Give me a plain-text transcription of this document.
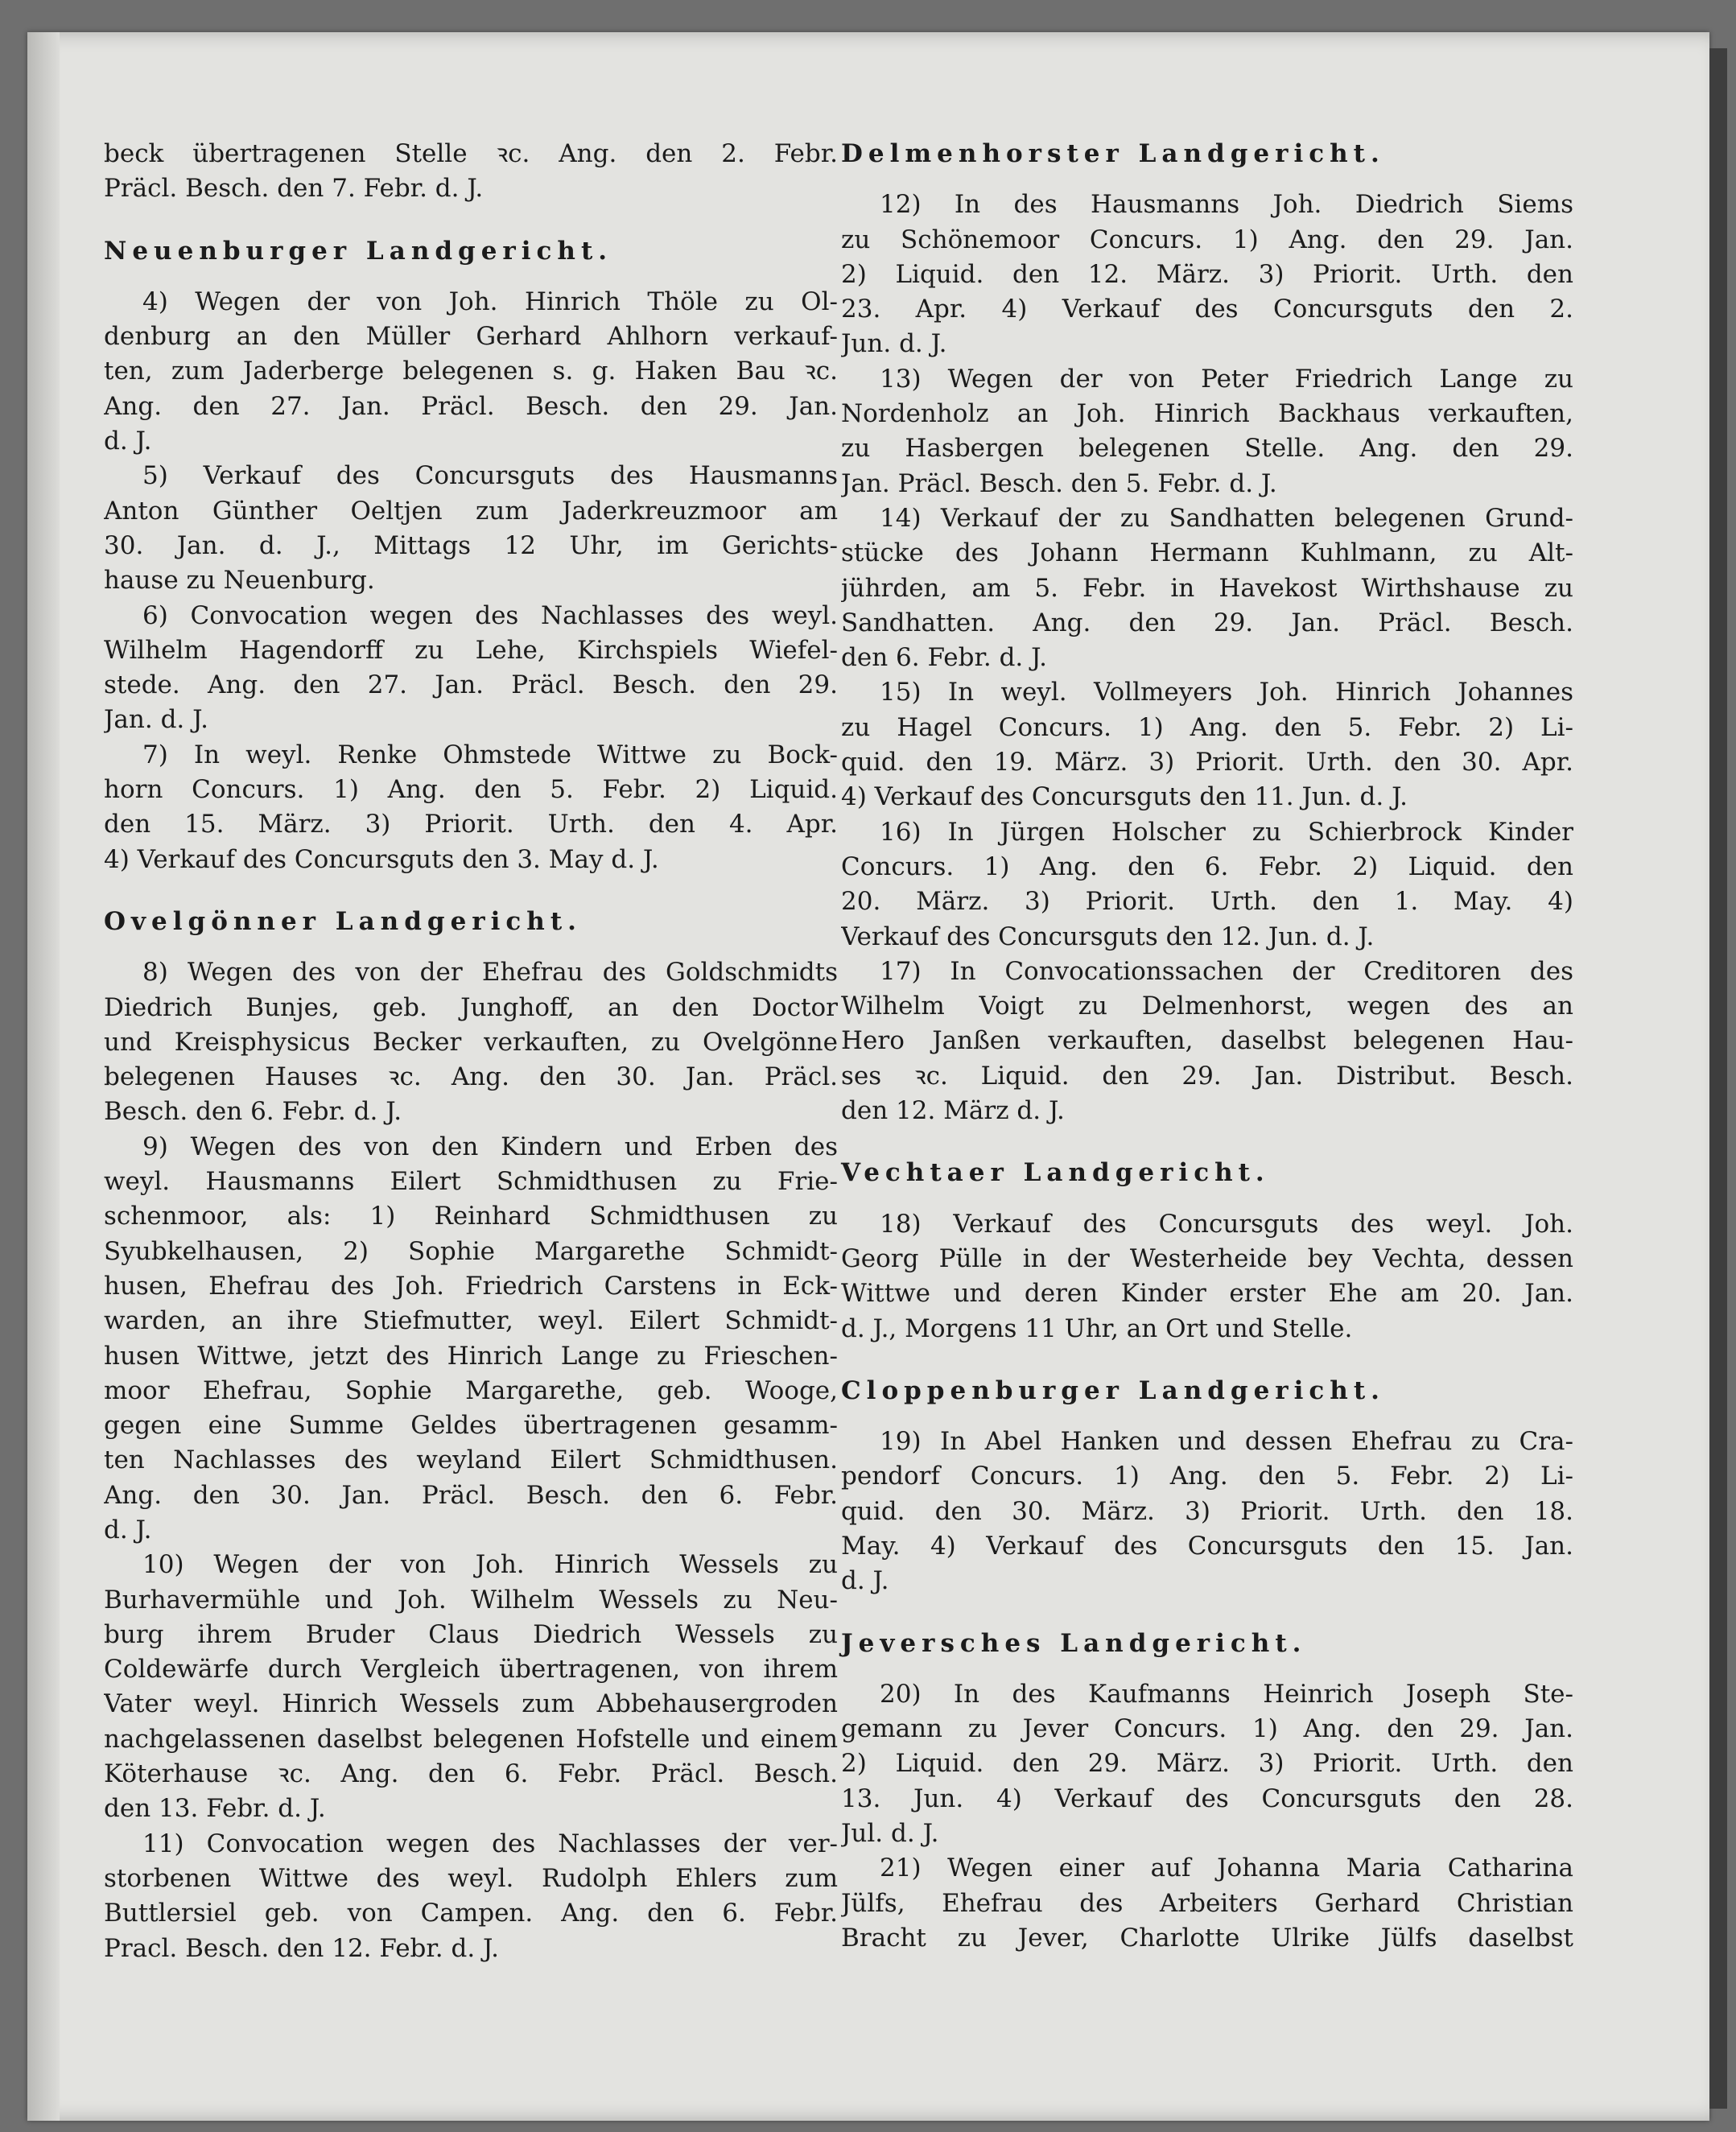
beck übertragenen Stelle ꝛc. Ang. den 2. Febr.
Präcl. Besch. den 7. Febr. d. J.
Neuenburger Landgericht.
4) Wegen der von Joh. Hinrich Thöle zu Ol-
denburg an den Müller Gerhard Ahlhorn verkauf-
ten, zum Jaderberge belegenen s. g. Haken Bau ꝛc.
Ang. den 27. Jan. Präcl. Besch. den 29. Jan.
d. J.
5) Verkauf des Concursguts des Hausmanns
Anton Günther Oeltjen zum Jaderkreuzmoor am
30. Jan. d. J., Mittags 12 Uhr, im Gerichts-
hause zu Neuenburg.
6) Convocation wegen des Nachlasses des weyl.
Wilhelm Hagendorff zu Lehe, Kirchspiels Wiefel-
stede. Ang. den 27. Jan. Präcl. Besch. den 29.
Jan. d. J.
7) In weyl. Renke Ohmstede Wittwe zu Bock-
horn Concurs. 1) Ang. den 5. Febr. 2) Liquid.
den 15. März. 3) Priorit. Urth. den 4. Apr.
4) Verkauf des Concursguts den 3. May d. J.
Ovelgönner Landgericht.
8) Wegen des von der Ehefrau des Goldschmidts
Diedrich Bunjes, geb. Junghoff, an den Doctor
und Kreisphysicus Becker verkauften, zu Ovelgönne
belegenen Hauses ꝛc. Ang. den 30. Jan. Präcl.
Besch. den 6. Febr. d. J.
9) Wegen des von den Kindern und Erben des
weyl. Hausmanns Eilert Schmidthusen zu Frie-
schenmoor, als: 1) Reinhard Schmidthusen zu
Syubkelhausen, 2) Sophie Margarethe Schmidt-
husen, Ehefrau des Joh. Friedrich Carstens in Eck-
warden, an ihre Stiefmutter, weyl. Eilert Schmidt-
husen Wittwe, jetzt des Hinrich Lange zu Frieschen-
moor Ehefrau, Sophie Margarethe, geb. Wooge,
gegen eine Summe Geldes übertragenen gesamm-
ten Nachlasses des weyland Eilert Schmidthusen.
Ang. den 30. Jan. Präcl. Besch. den 6. Febr.
d. J.
10) Wegen der von Joh. Hinrich Wessels zu
Burhavermühle und Joh. Wilhelm Wessels zu Neu-
burg ihrem Bruder Claus Diedrich Wessels zu
Coldewärfe durch Vergleich übertragenen, von ihrem
Vater weyl. Hinrich Wessels zum Abbehausergroden
nachgelassenen daselbst belegenen Hofstelle und einem
Köterhause ꝛc. Ang. den 6. Febr. Präcl. Besch.
den 13. Febr. d. J.
11) Convocation wegen des Nachlasses der ver-
storbenen Wittwe des weyl. Rudolph Ehlers zum
Buttlersiel geb. von Campen. Ang. den 6. Febr.
Pracl. Besch. den 12. Febr. d. J.
Delmenhorster Landgericht.
12) In des Hausmanns Joh. Diedrich Siems
zu Schönemoor Concurs. 1) Ang. den 29. Jan.
2) Liquid. den 12. März. 3) Priorit. Urth. den
23. Apr. 4) Verkauf des Concursguts den 2.
Jun. d. J.
13) Wegen der von Peter Friedrich Lange zu
Nordenholz an Joh. Hinrich Backhaus verkauften,
zu Hasbergen belegenen Stelle. Ang. den 29.
Jan. Präcl. Besch. den 5. Febr. d. J.
14) Verkauf der zu Sandhatten belegenen Grund-
stücke des Johann Hermann Kuhlmann, zu Alt-
jührden, am 5. Febr. in Havekost Wirthshause zu
Sandhatten. Ang. den 29. Jan. Präcl. Besch.
den 6. Febr. d. J.
15) In weyl. Vollmeyers Joh. Hinrich Johannes
zu Hagel Concurs. 1) Ang. den 5. Febr. 2) Li-
quid. den 19. März. 3) Priorit. Urth. den 30. Apr.
4) Verkauf des Concursguts den 11. Jun. d. J.
16) In Jürgen Holscher zu Schierbrock Kinder
Concurs. 1) Ang. den 6. Febr. 2) Liquid. den
20. März. 3) Priorit. Urth. den 1. May. 4)
Verkauf des Concursguts den 12. Jun. d. J.
17) In Convocationssachen der Creditoren des
Wilhelm Voigt zu Delmenhorst, wegen des an
Hero Janßen verkauften, daselbst belegenen Hau-
ses ꝛc. Liquid. den 29. Jan. Distribut. Besch.
den 12. März d. J.
Vechtaer Landgericht.
18) Verkauf des Concursguts des weyl. Joh.
Georg Pülle in der Westerheide bey Vechta, dessen
Wittwe und deren Kinder erster Ehe am 20. Jan.
d. J., Morgens 11 Uhr, an Ort und Stelle.
Cloppenburger Landgericht.
19) In Abel Hanken und dessen Ehefrau zu Cra-
pendorf Concurs. 1) Ang. den 5. Febr. 2) Li-
quid. den 30. März. 3) Priorit. Urth. den 18.
May. 4) Verkauf des Concursguts den 15. Jan.
d. J.
Jeversches Landgericht.
20) In des Kaufmanns Heinrich Joseph Ste-
gemann zu Jever Concurs. 1) Ang. den 29. Jan.
2) Liquid. den 29. März. 3) Priorit. Urth. den
13. Jun. 4) Verkauf des Concursguts den 28.
Jul. d. J.
21) Wegen einer auf Johanna Maria Catharina
Jülfs, Ehefrau des Arbeiters Gerhard Christian
Bracht zu Jever, Charlotte Ulrike Jülfs daselbst
